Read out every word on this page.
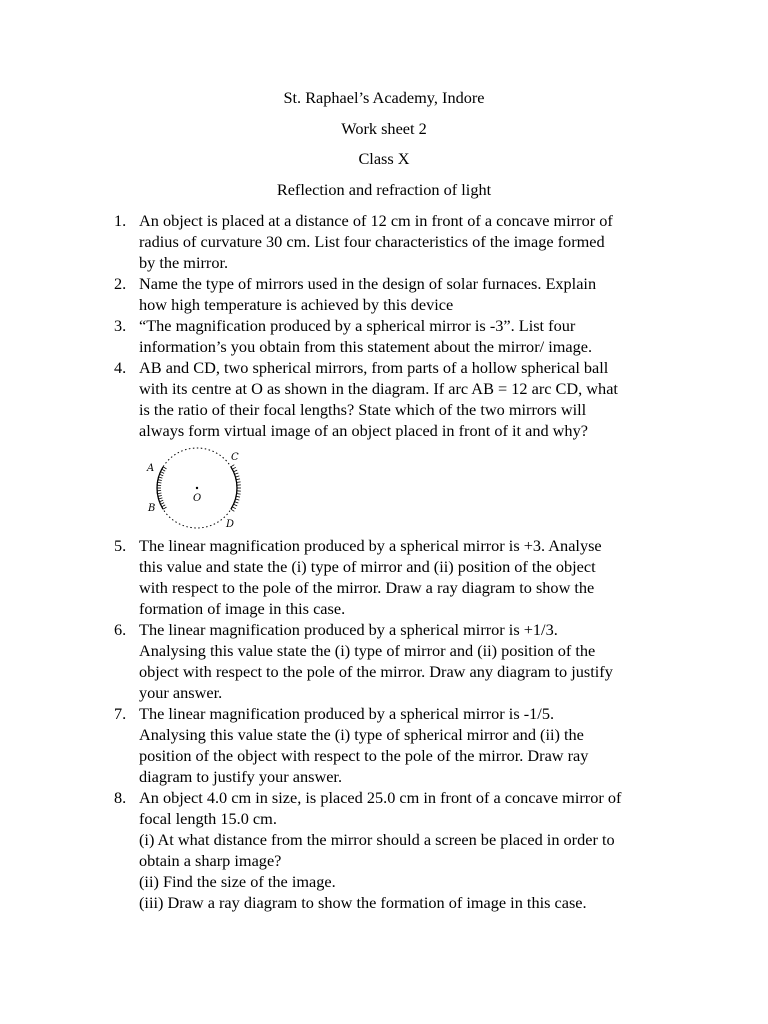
St. Raphael’s Academy, Indore
Work sheet 2
Class X
Reflection and refraction of light
1. An object is placed at a distance of 12 cm in front of a concave mirror of
radius of curvature 30 cm. List four characteristics of the image formed
by the mirror.
2. Name the type of mirrors used in the design of solar furnaces. Explain
how high temperature is achieved by this device
3. “The magnification produced by a spherical mirror is -3”. List four
information’s you obtain from this statement about the mirror/ image.
4. AB and CD, two spherical mirrors, from parts of a hollow spherical ball
with its centre at O as shown in the diagram. If arc AB = 12 arc CD, what
is the ratio of their focal lengths? State which of the two mirrors will
always form virtual image of an object placed in front of it and why?
5. The linear magnification produced by a spherical mirror is +3. Analyse
this value and state the (i) type of mirror and (ii) position of the object
with respect to the pole of the mirror. Draw a ray diagram to show the
formation of image in this case.
6. The linear magnification produced by a spherical mirror is +1/3.
Analysing this value state the (i) type of mirror and (ii) position of the
object with respect to the pole of the mirror. Draw any diagram to justify
your answer.
7. The linear magnification produced by a spherical mirror is -1/5.
Analysing this value state the (i) type of spherical mirror and (ii) the
position of the object with respect to the pole of the mirror. Draw ray
diagram to justify your answer.
8. An object 4.0 cm in size, is placed 25.0 cm in front of a concave mirror of
focal length 15.0 cm.
(i) At what distance from the mirror should a screen be placed in order to
obtain a sharp image?
(ii) Find the size of the image.
(iii) Draw a ray diagram to show the formation of image in this case.
A
B
C
D
O
